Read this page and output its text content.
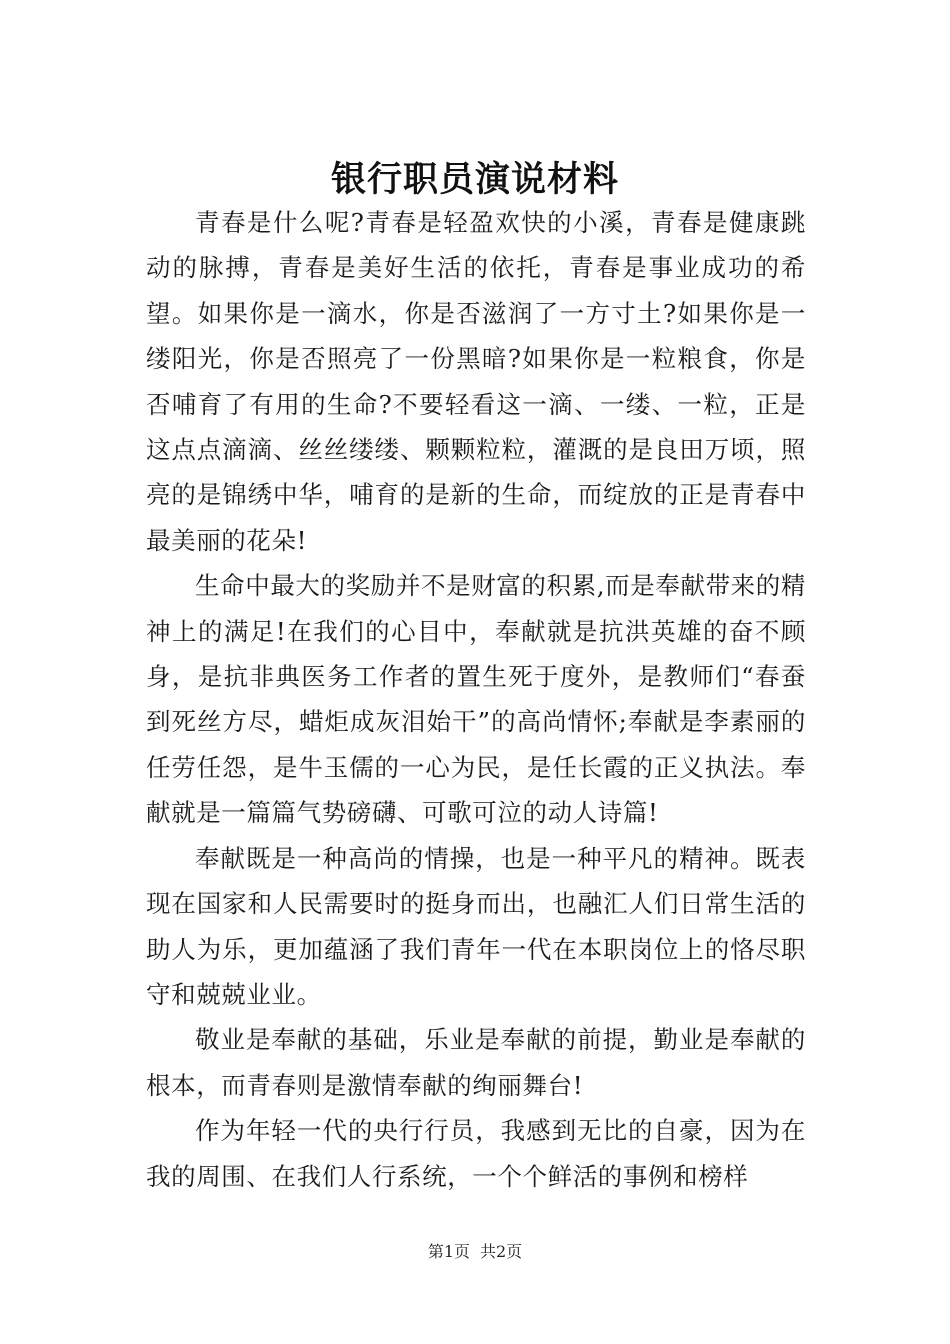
银行职员演说材料

青春是什么呢?青春是轻盈欢快的小溪，青春是健康跳动的脉搏，青春是美好生活的依托，青春是事业成功的希望。如果你是一滴水，你是否滋润了一方寸土?如果你是一缕阳光，你是否照亮了一份黑暗?如果你是一粒粮食，你是否哺育了有用的生命?不要轻看这一滴、一缕、一粒，正是这点点滴滴、丝丝缕缕、颗颗粒粒，灌溉的是良田万顷，照亮的是锦绣中华，哺育的是新的生命，而绽放的正是青春中最美丽的花朵!

生命中最大的奖励并不是财富的积累,而是奉献带来的精神上的满足!在我们的心目中，奉献就是抗洪英雄的奋不顾身，是抗非典医务工作者的置生死于度外，是教师们“春蚕到死丝方尽，蜡炬成灰泪始干”的高尚情怀;奉献是李素丽的任劳任怨，是牛玉儒的一心为民，是任长霞的正义执法。奉献就是一篇篇气势磅礴、可歌可泣的动人诗篇!

奉献既是一种高尚的情操，也是一种平凡的精神。既表现在国家和人民需要时的挺身而出，也融汇人们日常生活的助人为乐，更加蕴涵了我们青年一代在本职岗位上的恪尽职守和兢兢业业。

敬业是奉献的基础，乐业是奉献的前提，勤业是奉献的根本，而青春则是激情奉献的绚丽舞台!

作为年轻一代的央行行员，我感到无比的自豪，因为在我的周围、在我们人行系统，一个个鲜活的事例和榜样

第1页 共2页
